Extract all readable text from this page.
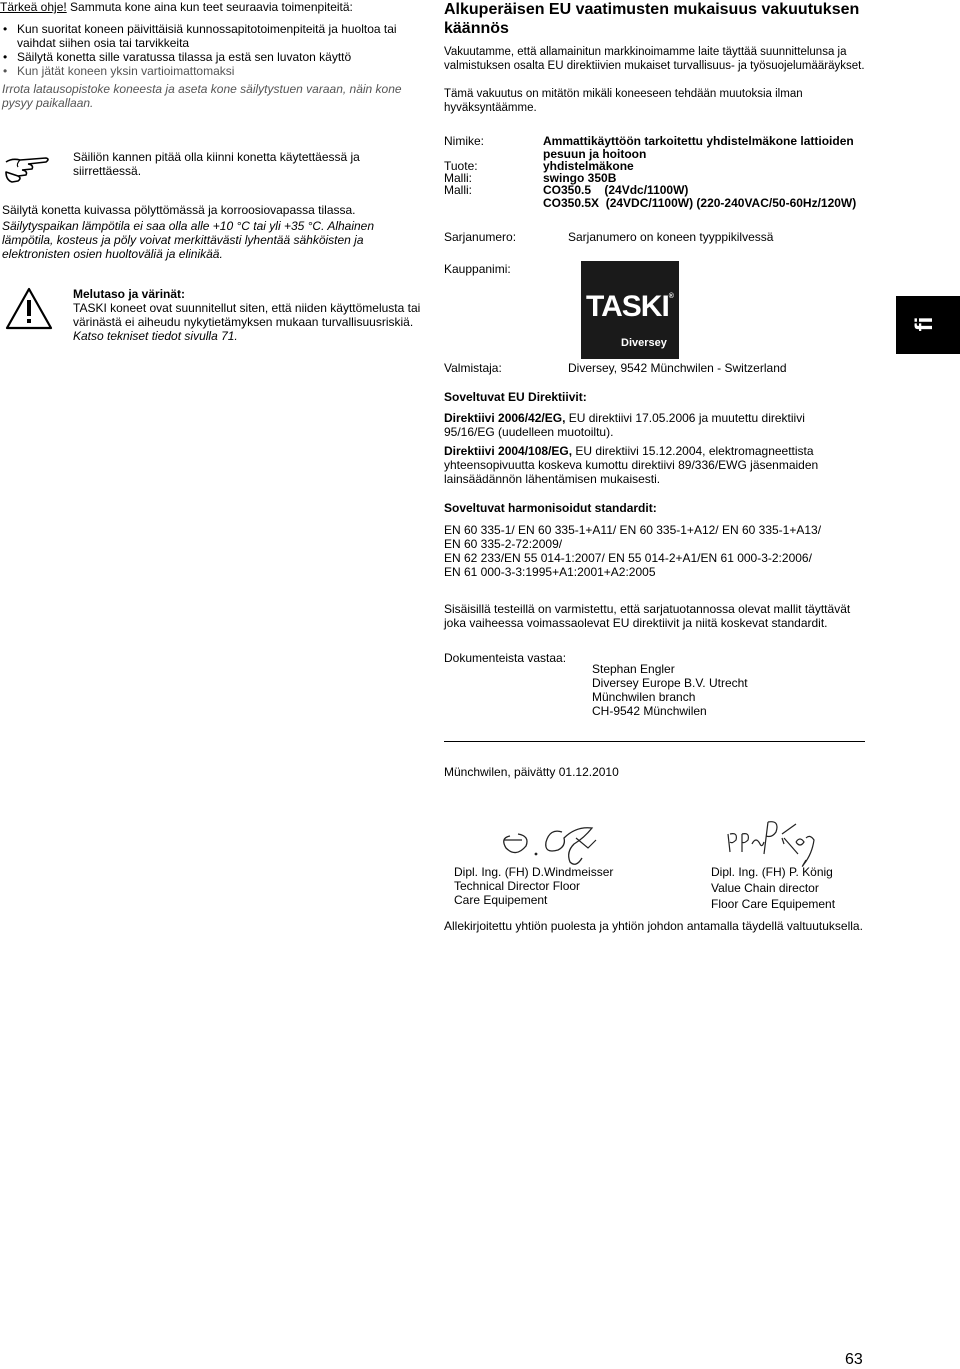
Tärkeä ohje! Sammuta kone aina kun teet seuraavia toimenpiteitä:
• Kun suoritat koneen päivittäisiä kunnossapitotoimenpiteitä ja huoltoa tai vaihdat siihen osia tai tarvikkeita
• Säilytä konetta sille varatussa tilassa ja estä sen luvaton käyttö
• Kun jätät koneen yksin vartioimattomaksi
Irrota latausopistoke koneesta ja aseta kone säilytystuen varaan, näin kone pysyy paikallaan.
Säiliön kannen pitää olla kiinni konetta käytettäessä ja siirrettäessä.
Säilytä konetta kuivassa pölyttömässä ja korroosiovapassa tilassa.
Säilytyspaikan lämpötila ei saa olla alle +10 °C tai yli +35 °C. Alhainen lämpötila, kosteus ja pöly voivat merkittävästi lyhentää sähköisten ja elektronisten osien huoltoväliä ja elinikää.
Melutaso ja värinät:
TASKI koneet ovat suunnitellut siten, että niiden käyttömelusta tai värinästä ei aiheudu nykytietämyksen mukaan turvallisuusriskiä.
Katso tekniset tiedot sivulla 71.
Alkuperäisen EU vaatimusten mukaisuus vakuutuksen käännös
Vakuutamme, että allamainitun markkinoimamme laite täyttää suunnittelunsa ja valmistuksen osalta EU direktiivien mukaiset turvallisuus- ja työsuojelumääräykset.
Tämä vakuutus on mitätön mikäli koneeseen tehdään muutoksia ilman hyväksyntäämme.
Nimike:	Ammattikäyttöön tarkoitettu yhdistelmäkone lattioiden
pesuun ja hoitoon
Tuote:	yhdistelmäkone
Malli:	swingo 350B
Malli:	CO350.5    (24Vdc/1100W)
CO350.5X  (24VDC/1100W) (220-240VAC/50-60Hz/120W)
Sarjanumero:	Sarjanumero on koneen tyyppikilvessä
Kauppanimi:
TASKI®
Diversey
Valmistaja:	Diversey, 9542 Münchwilen - Switzerland
Soveltuvat EU Direktiivit:
Direktiivi 2006/42/EG, EU direktiivi 17.05.2006 ja muutettu direktiivi 95/16/EG (uudelleen muotoiltu).
Direktiivi 2004/108/EG, EU direktiivi 15.12.2004, elektromagneettista yhteensopivuutta koskeva kumottu direktiivi 89/336/EWG jäsenmaiden lainsäädännön lähentämisen mukaisesti.
Soveltuvat harmonisoidut standardit:
EN 60 335-1/ EN 60 335-1+A11/ EN 60 335-1+A12/ EN 60 335-1+A13/
EN 60 335-2-72:2009/
EN 62 233/EN 55 014-1:2007/ EN 55 014-2+A1/EN 61 000-3-2:2006/
EN 61 000-3-3:1995+A1:2001+A2:2005
Sisäisillä testeillä on varmistettu, että sarjatuotannossa olevat mallit täyttävät joka vaiheessa voimassaolevat EU direktiivit ja niitä koskevat standardit.
Dokumenteista vastaa:
Stephan Engler
Diversey Europe B.V. Utrecht
Münchwilen branch
CH-9542 Münchwilen
Münchwilen, päivätty 01.12.2010
Dipl. Ing. (FH) D.Windmeisser
Technical Director Floor
Care Equipement
Dipl. Ing. (FH) P. König
Value Chain director
Floor Care Equipement
Allekirjoitettu yhtiön puolesta ja yhtiön johdon antamalla täydellä valtuutuksella.
fi
63
